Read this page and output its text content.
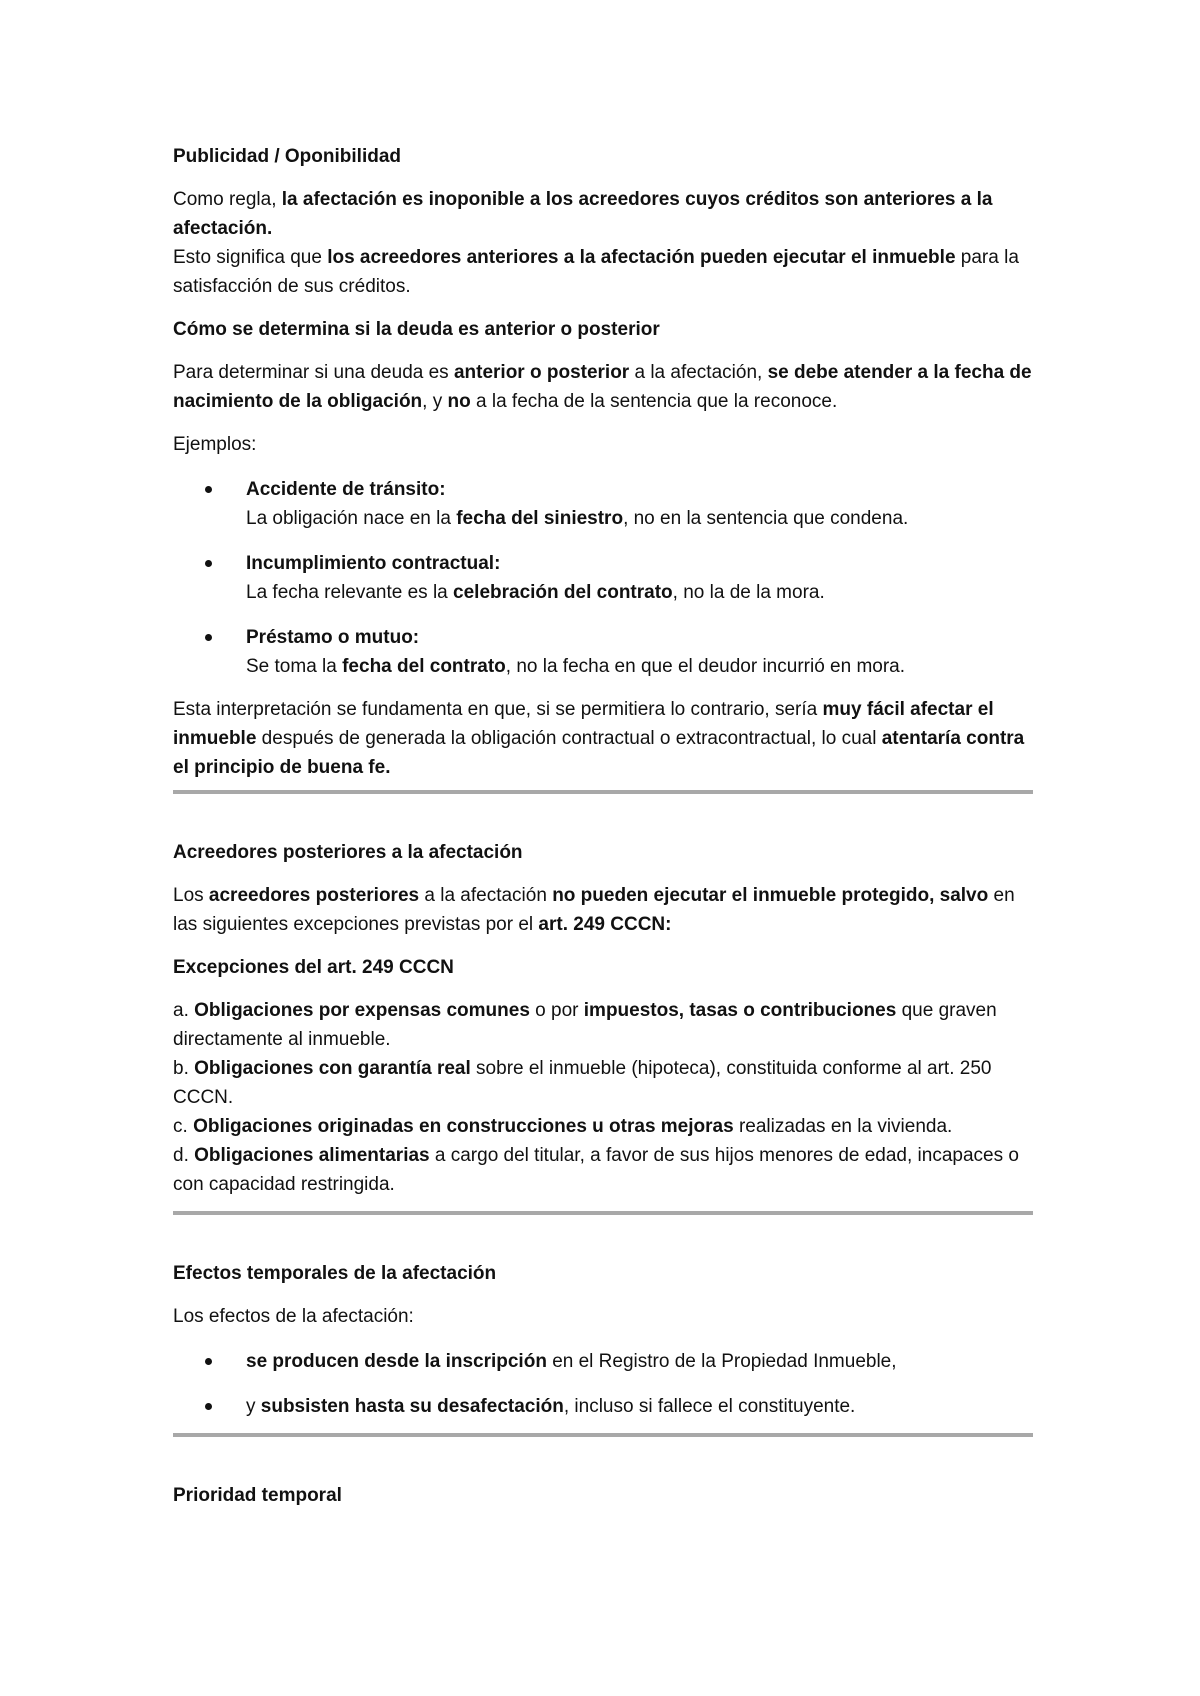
Publicidad / Oponibilidad

Como regla, la afectación es inoponible a los acreedores cuyos créditos son anteriores a la afectación.

Esto significa que los acreedores anteriores a la afectación pueden ejecutar el inmueble para la satisfacción de sus créditos.

Cómo se determina si la deuda es anterior o posterior

Para determinar si una deuda es anterior o posterior a la afectación, se debe atender a la fecha de nacimiento de la obligación, y no a la fecha de la sentencia que la reconoce.

Ejemplos:

Accidente de tránsito:
La obligación nace en la fecha del siniestro, no en la sentencia que condena.
Incumplimiento contractual:
La fecha relevante es la celebración del contrato, no la de la mora.
Préstamo o mutuo:
Se toma la fecha del contrato, no la fecha en que el deudor incurrió en mora.

Esta interpretación se fundamenta en que, si se permitiera lo contrario, sería muy fácil afectar el inmueble después de generada la obligación contractual o extracontractual, lo cual atentaría contra el principio de buena fe.

Acreedores posteriores a la afectación

Los acreedores posteriores a la afectación no pueden ejecutar el inmueble protegido, salvo en las siguientes excepciones previstas por el art. 249 CCCN:

Excepciones del art. 249 CCCN

a. Obligaciones por expensas comunes o por impuestos, tasas o contribuciones que graven directamente al inmueble.

b. Obligaciones con garantía real sobre el inmueble (hipoteca), constituida conforme al art. 250 CCCN.

c. Obligaciones originadas en construcciones u otras mejoras realizadas en la vivienda.

d. Obligaciones alimentarias a cargo del titular, a favor de sus hijos menores de edad, incapaces o con capacidad restringida.

Efectos temporales de la afectación

Los efectos de la afectación:

se producen desde la inscripción en el Registro de la Propiedad Inmueble,
y subsisten hasta su desafectación, incluso si fallece el constituyente.
Prioridad temporal
